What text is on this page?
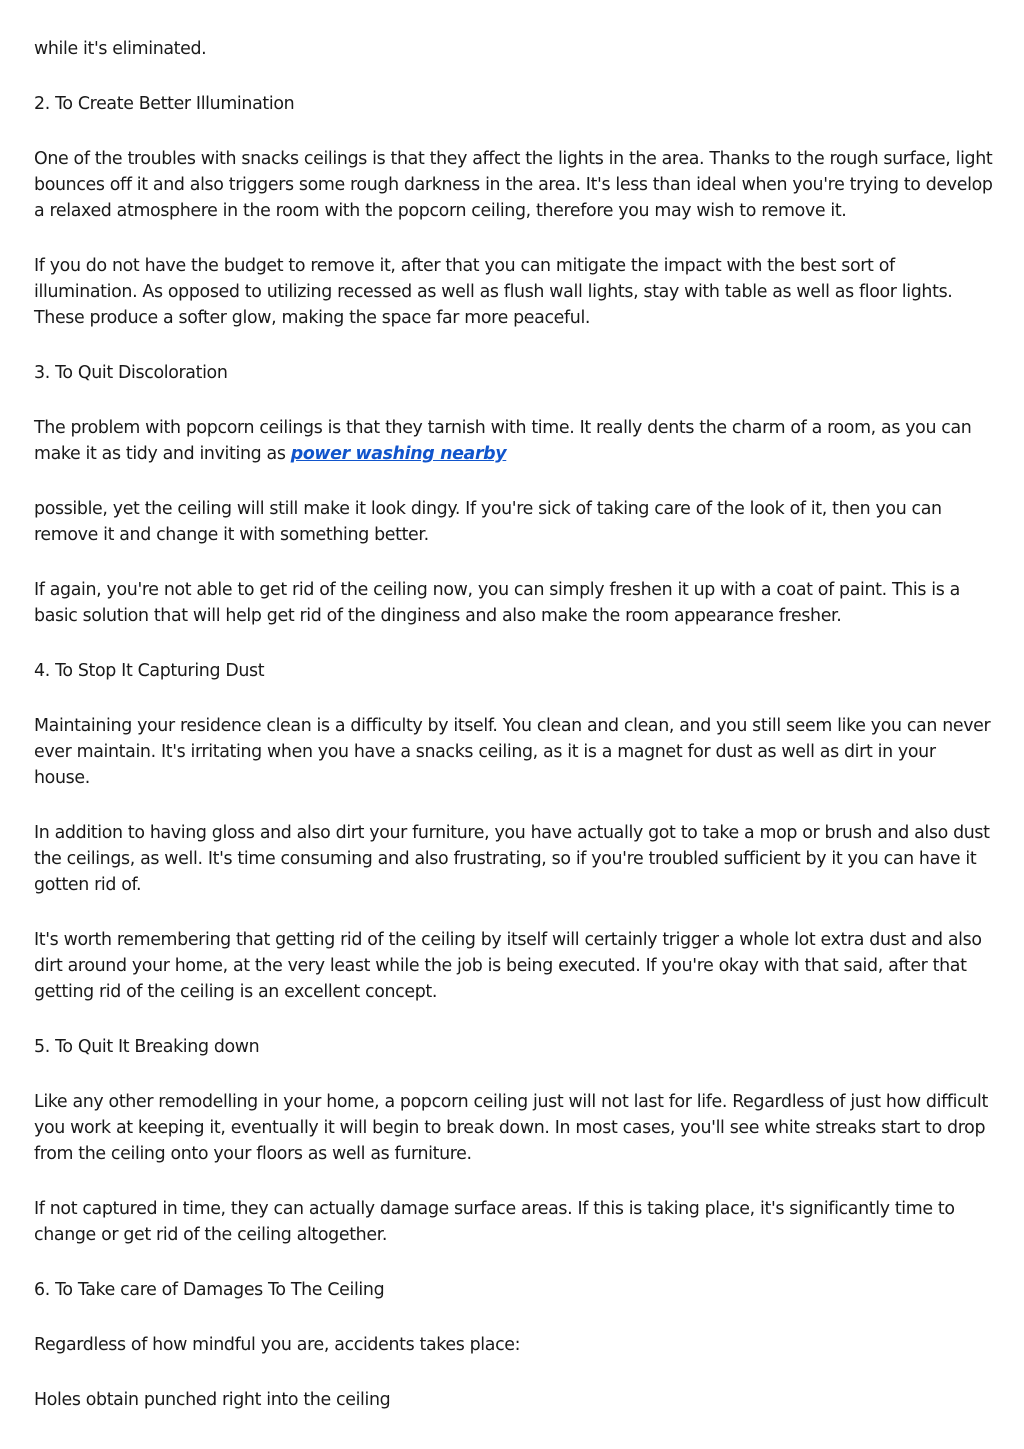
while it's eliminated.

2. To Create Better Illumination

One of the troubles with snacks ceilings is that they affect the lights in the area. Thanks to the rough surface, light bounces off it and also triggers some rough darkness in the area. It's less than ideal when you're trying to develop a relaxed atmosphere in the room with the popcorn ceiling, therefore you may wish to remove it.

If you do not have the budget to remove it, after that you can mitigate the impact with the best sort of illumination. As opposed to utilizing recessed as well as flush wall lights, stay with table as well as floor lights. These produce a softer glow, making the space far more peaceful.

3. To Quit Discoloration

The problem with popcorn ceilings is that they tarnish with time. It really dents the charm of a room, as you can make it as tidy and inviting as power washing nearby

possible, yet the ceiling will still make it look dingy. If you're sick of taking care of the look of it, then you can remove it and change it with something better.

If again, you're not able to get rid of the ceiling now, you can simply freshen it up with a coat of paint. This is a basic solution that will help get rid of the dinginess and also make the room appearance fresher.

4. To Stop It Capturing Dust

Maintaining your residence clean is a difficulty by itself. You clean and clean, and you still seem like you can never ever maintain. It's irritating when you have a snacks ceiling, as it is a magnet for dust as well as dirt in your house.

In addition to having gloss and also dirt your furniture, you have actually got to take a mop or brush and also dust the ceilings, as well. It's time consuming and also frustrating, so if you're troubled sufficient by it you can have it gotten rid of.

It's worth remembering that getting rid of the ceiling by itself will certainly trigger a whole lot extra dust and also dirt around your home, at the very least while the job is being executed. If you're okay with that said, after that getting rid of the ceiling is an excellent concept.

5. To Quit It Breaking down

Like any other remodelling in your home, a popcorn ceiling just will not last for life. Regardless of just how difficult you work at keeping it, eventually it will begin to break down. In most cases, you'll see white streaks start to drop from the ceiling onto your floors as well as furniture.

If not captured in time, they can actually damage surface areas. If this is taking place, it's significantly time to change or get rid of the ceiling altogether.

6. To Take care of Damages To The Ceiling

Regardless of how mindful you are, accidents takes place:

Holes obtain punched right into the ceiling
